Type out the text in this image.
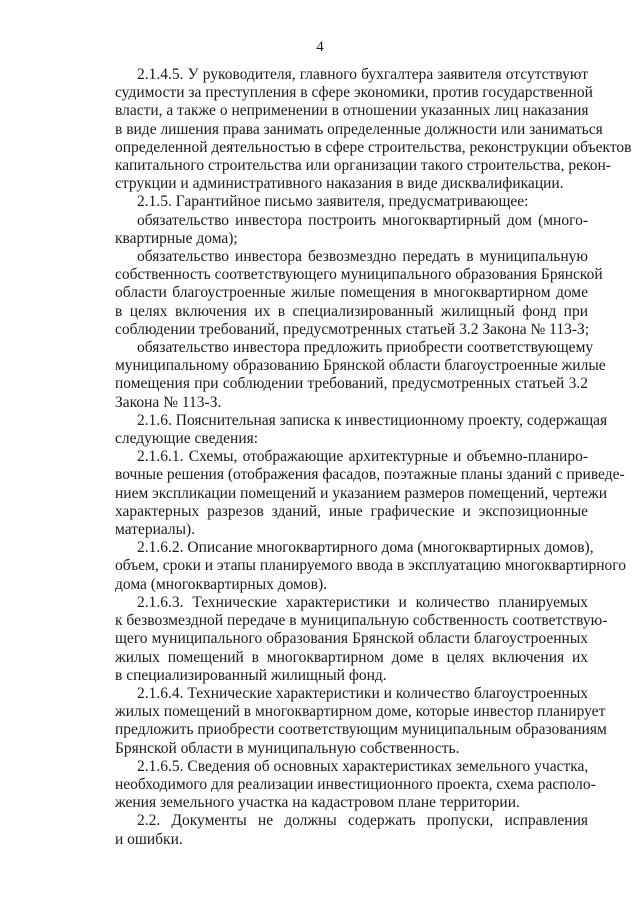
4
2.1.4.5. У руководителя, главного бухгалтера заявителя отсутствуют
судимости за преступления в сфере экономики, против государственной
власти, а также о неприменении в отношении указанных лиц наказания
в виде лишения права занимать определенные должности или заниматься
определенной деятельностью в сфере строительства, реконструкции объектов
капитального строительства или организации такого строительства, рекон-
струкции и административного наказания в виде дисквалификации.
2.1.5. Гарантийное письмо заявителя, предусматривающее:
обязательство инвестора построить многоквартирный дом (много-
квартирные дома);
обязательство инвестора безвозмездно передать в муниципальную
собственность соответствующего муниципального образования Брянской
области благоустроенные жилые помещения в многоквартирном доме
в целях включения их в специализированный жилищный фонд при
соблюдении требований, предусмотренных статьей 3.2 Закона № 113-З;
обязательство инвестора предложить приобрести соответствующему
муниципальному образованию Брянской области благоустроенные жилые
помещения при соблюдении требований, предусмотренных статьей 3.2
Закона № 113-З.
2.1.6. Пояснительная записка к инвестиционному проекту, содержащая
следующие сведения:
2.1.6.1. Схемы, отображающие архитектурные и объемно-планиро-
вочные решения (отображения фасадов, поэтажные планы зданий с приведе-
нием экспликации помещений и указанием размеров помещений, чертежи
характерных разрезов зданий, иные графические и экспозиционные
материалы).
2.1.6.2. Описание многоквартирного дома (многоквартирных домов),
объем, сроки и этапы планируемого ввода в эксплуатацию многоквартирного
дома (многоквартирных домов).
2.1.6.3. Технические характеристики и количество планируемых
к безвозмездной передаче в муниципальную собственность соответствую-
щего муниципального образования Брянской области благоустроенных
жилых помещений в многоквартирном доме в целях включения их
в специализированный жилищный фонд.
2.1.6.4. Технические характеристики и количество благоустроенных
жилых помещений в многоквартирном доме, которые инвестор планирует
предложить приобрести соответствующим муниципальным образованиям
Брянской области в муниципальную собственность.
2.1.6.5. Сведения об основных характеристиках земельного участка,
необходимого для реализации инвестиционного проекта, схема располо-
жения земельного участка на кадастровом плане территории.
2.2. Документы не должны содержать пропуски, исправления
и ошибки.
